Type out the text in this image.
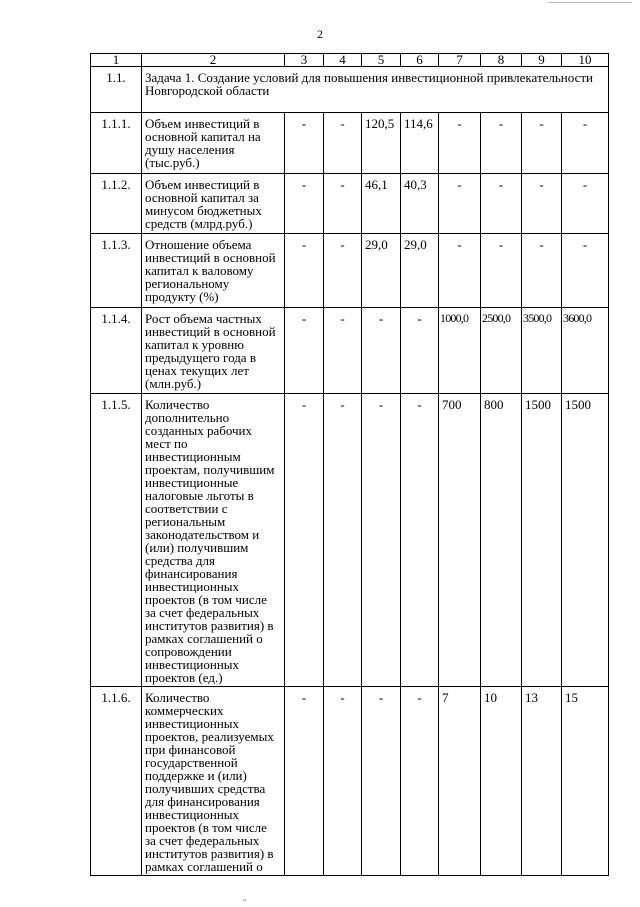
2
1	2	3	4	5	6	7	8	9	10
1.1.	Задача 1. Создание условий для повышения инвестиционной привлекательности Новгородской области								
1.1.1.	Объем инвестиций в основной капитал на душу населения (тыс.руб.)	-	-	120,5	114,6	-	-	-	-
1.1.2.	Объем инвестиций в основной капитал за минусом бюджетных средств (млрд.руб.)	-	-	46,1	40,3	-	-	-	-
1.1.3.	Отношение объема инвестиций в основной капитал к валовому региональному продукту (%)	-	-	29,0	29,0	-	-	-	-
1.1.4.	Рост объема частных инвестиций в основной капитал к уровню предыдущего года в ценах текущих лет (млн.руб.)	-	-	-	-	1000,0	2500,0	3500,0	3600,0
1.1.5.	Количество дополнительно созданных рабочих мест по инвестиционным проектам, получившим инвестиционные налоговые льготы в соответствии с региональным законодательством и (или) получившим средства для финансирования инвестиционных проектов (в том числе за счет федеральных институтов развития) в рамках соглашений о сопровождении инвестиционных проектов (ед.)	-	-	-	-	700	800	1500	1500
1.1.6.	Количество коммерческих инвестиционных проектов, реализуемых при финансовой государственной поддержке и (или) получивших средства для финансирования инвестиционных проектов (в том числе за счет федеральных институтов развития) в рамках соглашений о	-	-	-	-	7	10	13	15
"
